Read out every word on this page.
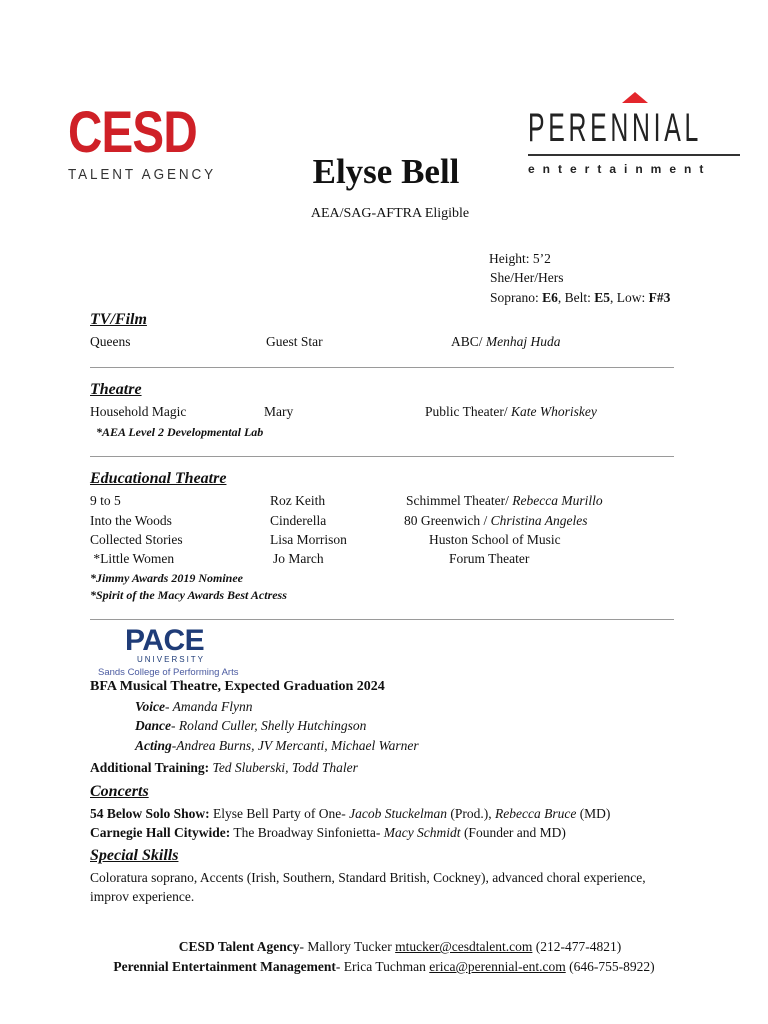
CESD
TALENT AGENCY
PERENNIAL
entertainment
Elyse Bell
AEA/SAG-AFTRA Eligible
Height: 5’2
She/Her/Hers
Soprano: E6, Belt: E5, Low: F#3
TV/Film
Queens	Guest Star	ABC/ Menhaj Huda
Theatre
Household Magic	Mary	Public Theater/ Kate Whoriskey
*AEA Level 2 Developmental Lab
Educational Theatre
9 to 5	Roz Keith	Schimmel Theater/ Rebecca Murillo
Into the Woods	Cinderella	80 Greenwich / Christina Angeles
Collected Stories	Lisa Morrison	Huston School of Music
*Little Women	Jo March	Forum Theater
*Jimmy Awards 2019 Nominee
*Spirit of the Macy Awards Best Actress
PACE
UNIVERSITY
Sands College of Performing Arts
BFA Musical Theatre, Expected Graduation 2024
Voice- Amanda Flynn
Dance- Roland Culler, Shelly Hutchingson
Acting-Andrea Burns, JV Mercanti, Michael Warner
Additional Training: Ted Sluberski, Todd Thaler
Concerts
54 Below Solo Show: Elyse Bell Party of One- Jacob Stuckelman (Prod.), Rebecca Bruce (MD)
Carnegie Hall Citywide: The Broadway Sinfonietta- Macy Schmidt (Founder and MD)
Special Skills
Coloratura soprano, Accents (Irish, Southern, Standard British, Cockney), advanced choral experience,
improv experience.
CESD Talent Agency- Mallory Tucker mtucker@cesdtalent.com (212-477-4821)
Perennial Entertainment Management- Erica Tuchman erica@perennial-ent.com (646-755-8922)
